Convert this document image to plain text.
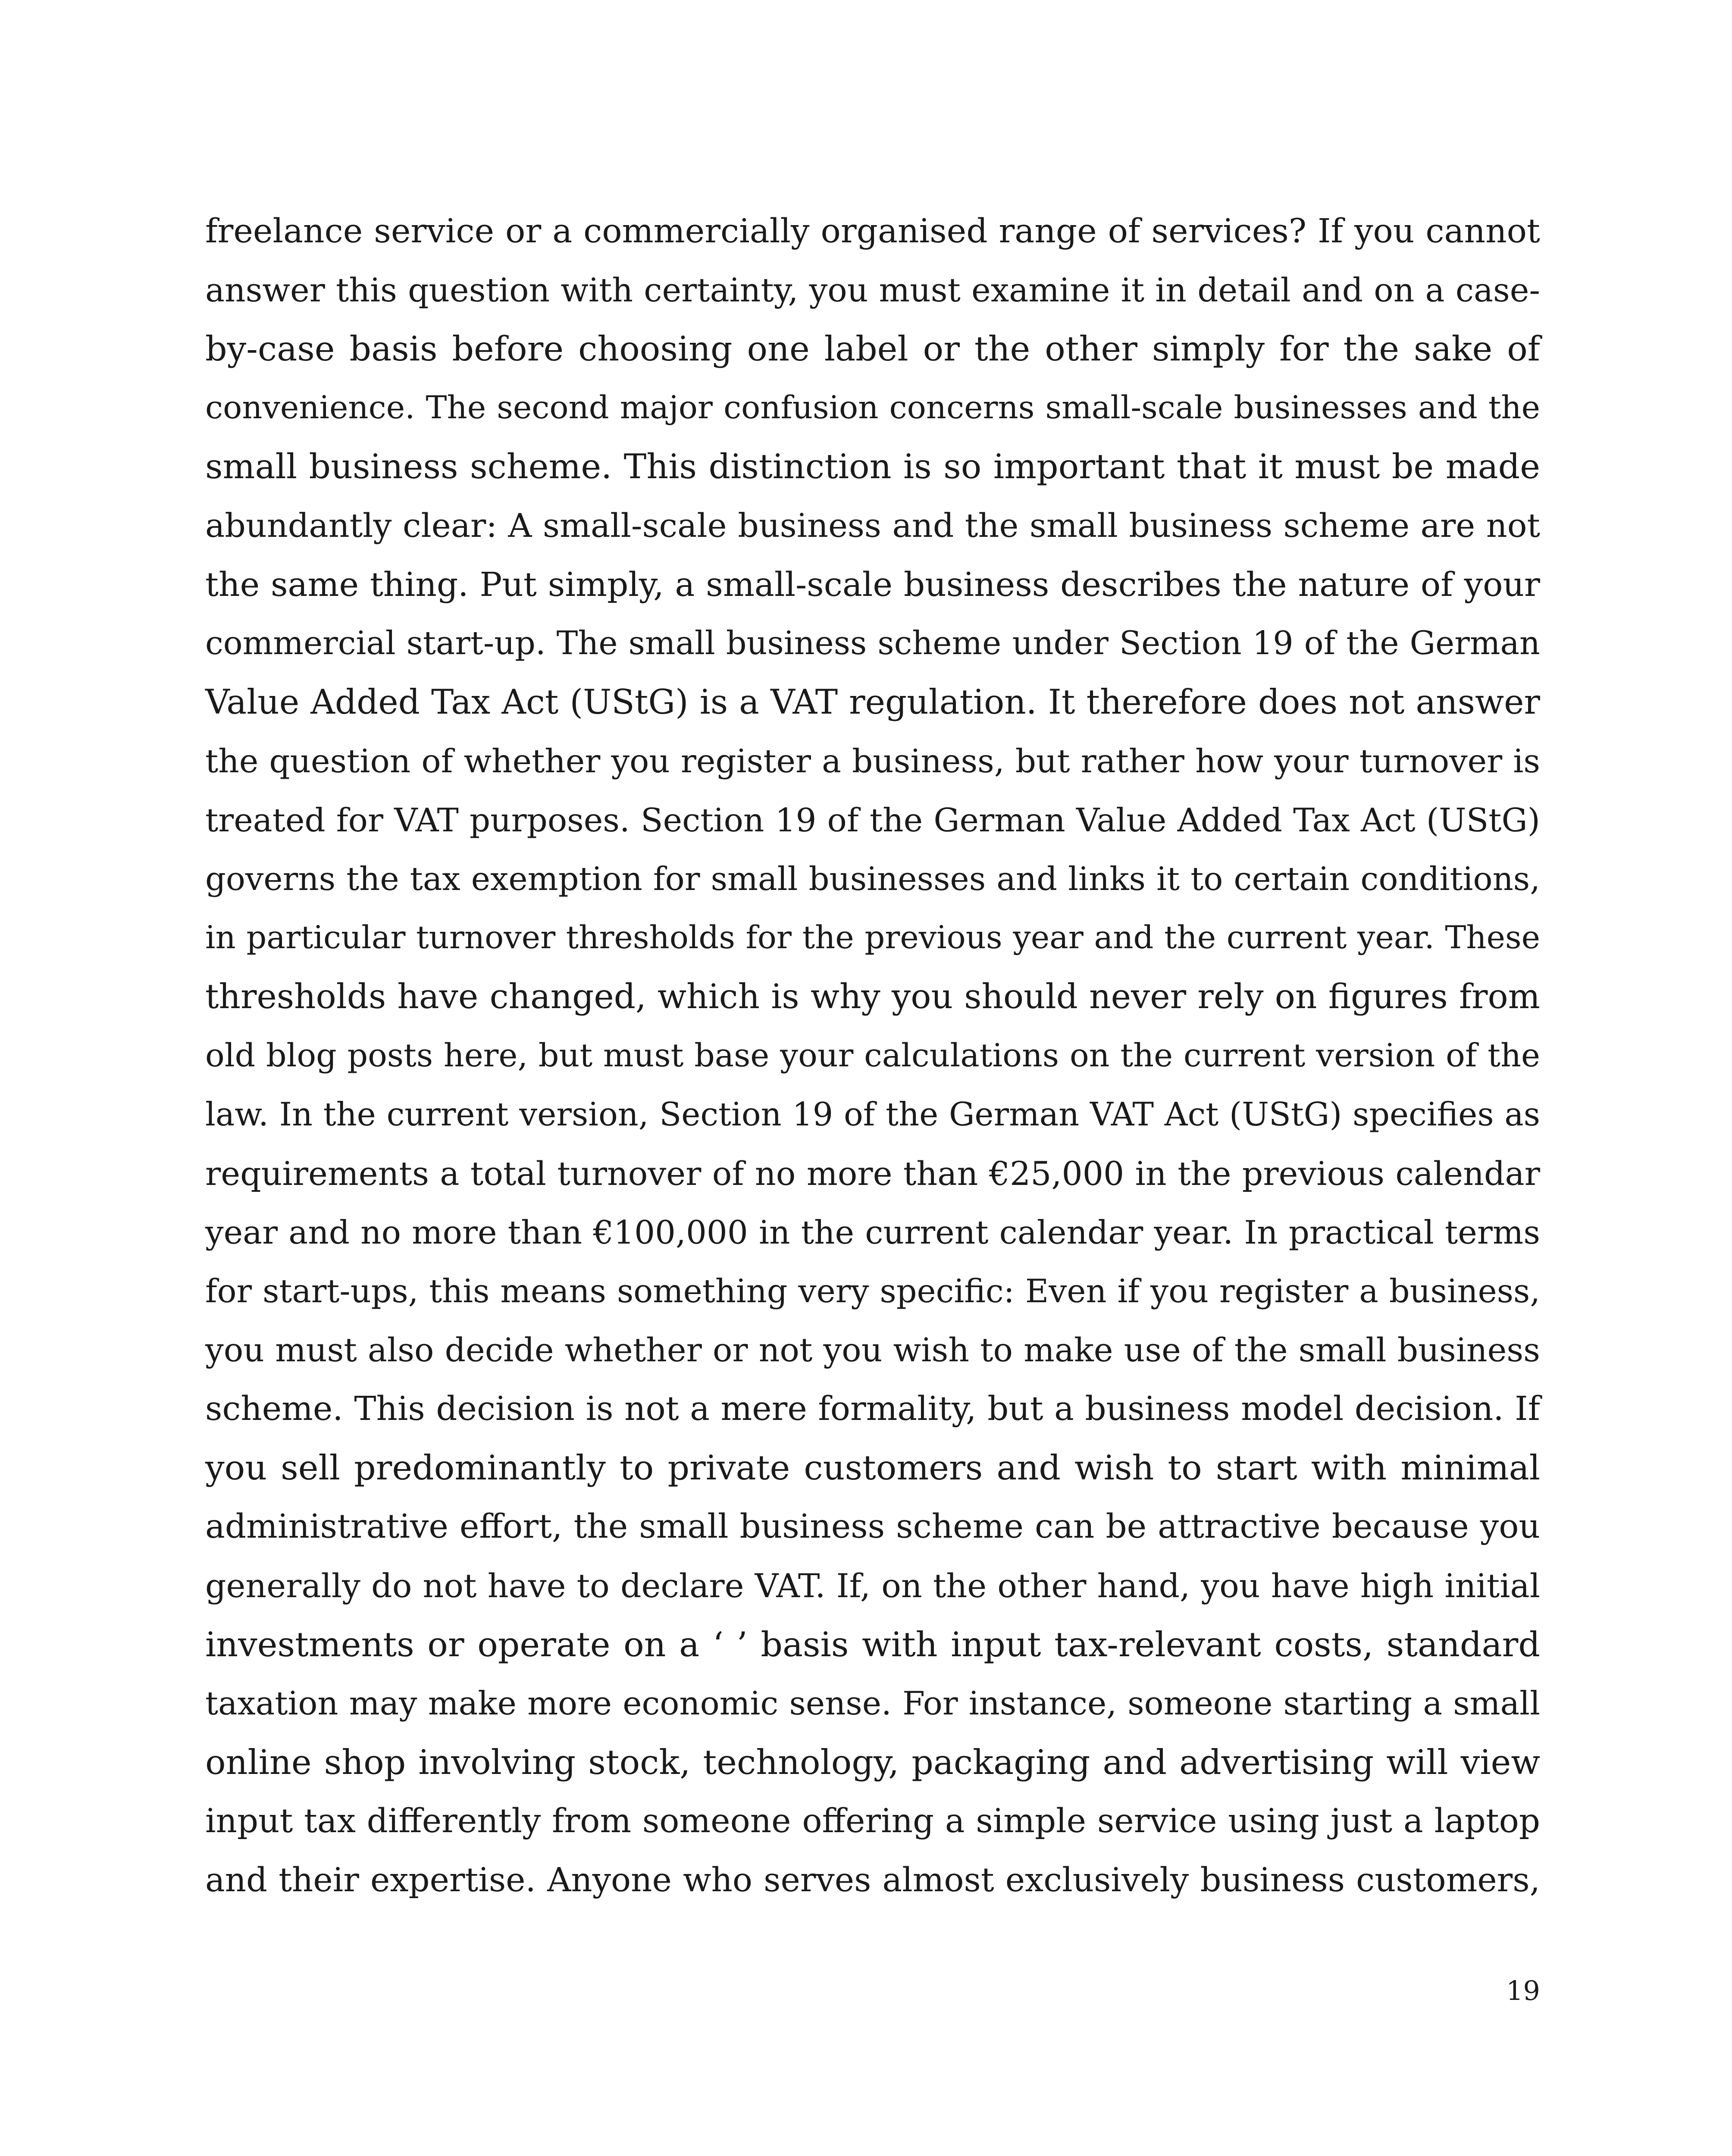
freelance service or a commercially organised range of services? If you cannot
answer this question with certainty, you must examine it in detail and on a case-
by-case basis before choosing one label or the other simply for the sake of
convenience. The second major confusion concerns small-scale businesses and the
small business scheme. This distinction is so important that it must be made
abundantly clear: A small-scale business and the small business scheme are not
the same thing. Put simply, a small-scale business describes the nature of your
commercial start-up. The small business scheme under Section 19 of the German
Value Added Tax Act (UStG) is a VAT regulation. It therefore does not answer
the question of whether you register a business, but rather how your turnover is
treated for VAT purposes. Section 19 of the German Value Added Tax Act (UStG)
governs the tax exemption for small businesses and links it to certain conditions,
in particular turnover thresholds for the previous year and the current year. These
thresholds have changed, which is why you should never rely on figures from
old blog posts here, but must base your calculations on the current version of the
law. In the current version, Section 19 of the German VAT Act (UStG) specifies as
requirements a total turnover of no more than €25,000 in the previous calendar
year and no more than €100,000 in the current calendar year. In practical terms
for start-ups, this means something very specific: Even if you register a business,
you must also decide whether or not you wish to make use of the small business
scheme. This decision is not a mere formality, but a business model decision. If
you sell predominantly to private customers and wish to start with minimal
administrative effort, the small business scheme can be attractive because you
generally do not have to declare VAT. If, on the other hand, you have high initial
investments or operate on a ‘ ’ basis with input tax-relevant costs, standard
taxation may make more economic sense. For instance, someone starting a small
online shop involving stock, technology, packaging and advertising will view
input tax differently from someone offering a simple service using just a laptop
and their expertise. Anyone who serves almost exclusively business customers,
19
